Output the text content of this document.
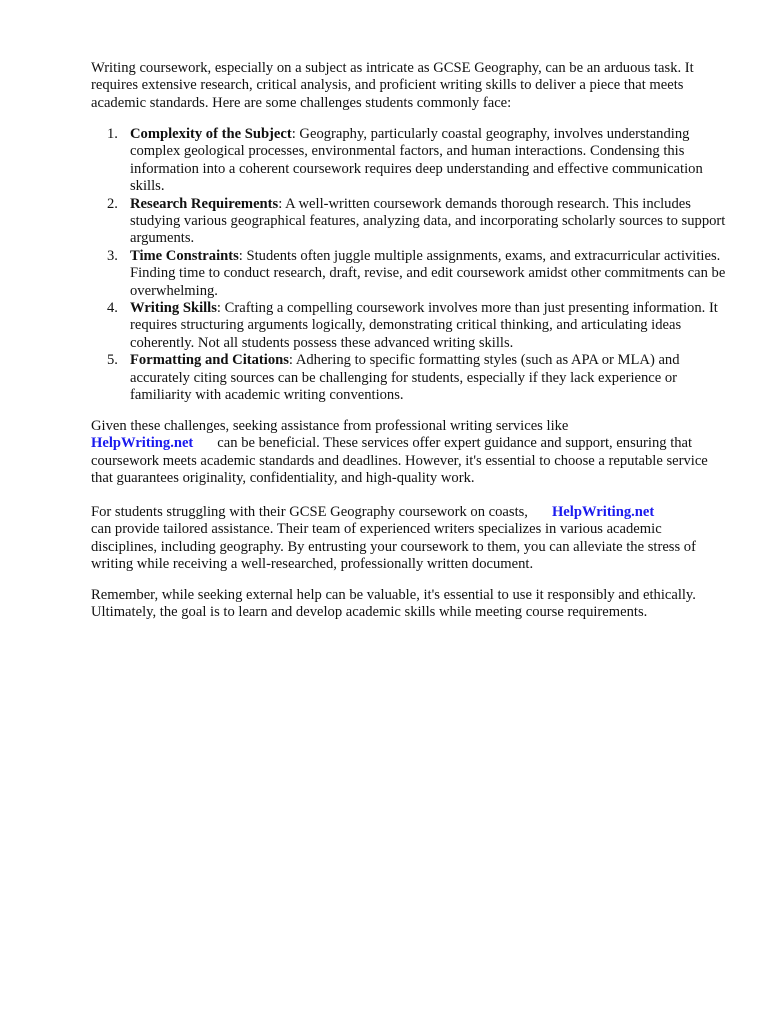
Writing coursework, especially on a subject as intricate as GCSE Geography, can be an arduous task. It requires extensive research, critical analysis, and proficient writing skills to deliver a piece that meets academic standards. Here are some challenges students commonly face:

1. Complexity of the Subject: Geography, particularly coastal geography, involves understanding complex geological processes, environmental factors, and human interactions. Condensing this information into a coherent coursework requires deep understanding and effective communication skills.
2. Research Requirements: A well-written coursework demands thorough research. This includes studying various geographical features, analyzing data, and incorporating scholarly sources to support arguments.
3. Time Constraints: Students often juggle multiple assignments, exams, and extracurricular activities. Finding time to conduct research, draft, revise, and edit coursework amidst other commitments can be overwhelming.
4. Writing Skills: Crafting a compelling coursework involves more than just presenting information. It requires structuring arguments logically, demonstrating critical thinking, and articulating ideas coherently. Not all students possess these advanced writing skills.
5. Formatting and Citations: Adhering to specific formatting styles (such as APA or MLA) and accurately citing sources can be challenging for students, especially if they lack experience or familiarity with academic writing conventions.

Given these challenges, seeking assistance from professional writing services like
HelpWriting.net can be beneficial. These services offer expert guidance and support, ensuring that coursework meets academic standards and deadlines. However, it's essential to choose a reputable service that guarantees originality, confidentiality, and high-quality work.

For students struggling with their GCSE Geography coursework on coasts, HelpWriting.net
can provide tailored assistance. Their team of experienced writers specializes in various academic disciplines, including geography. By entrusting your coursework to them, you can alleviate the stress of writing while receiving a well-researched, professionally written document.

Remember, while seeking external help can be valuable, it's essential to use it responsibly and ethically. Ultimately, the goal is to learn and develop academic skills while meeting course requirements.
